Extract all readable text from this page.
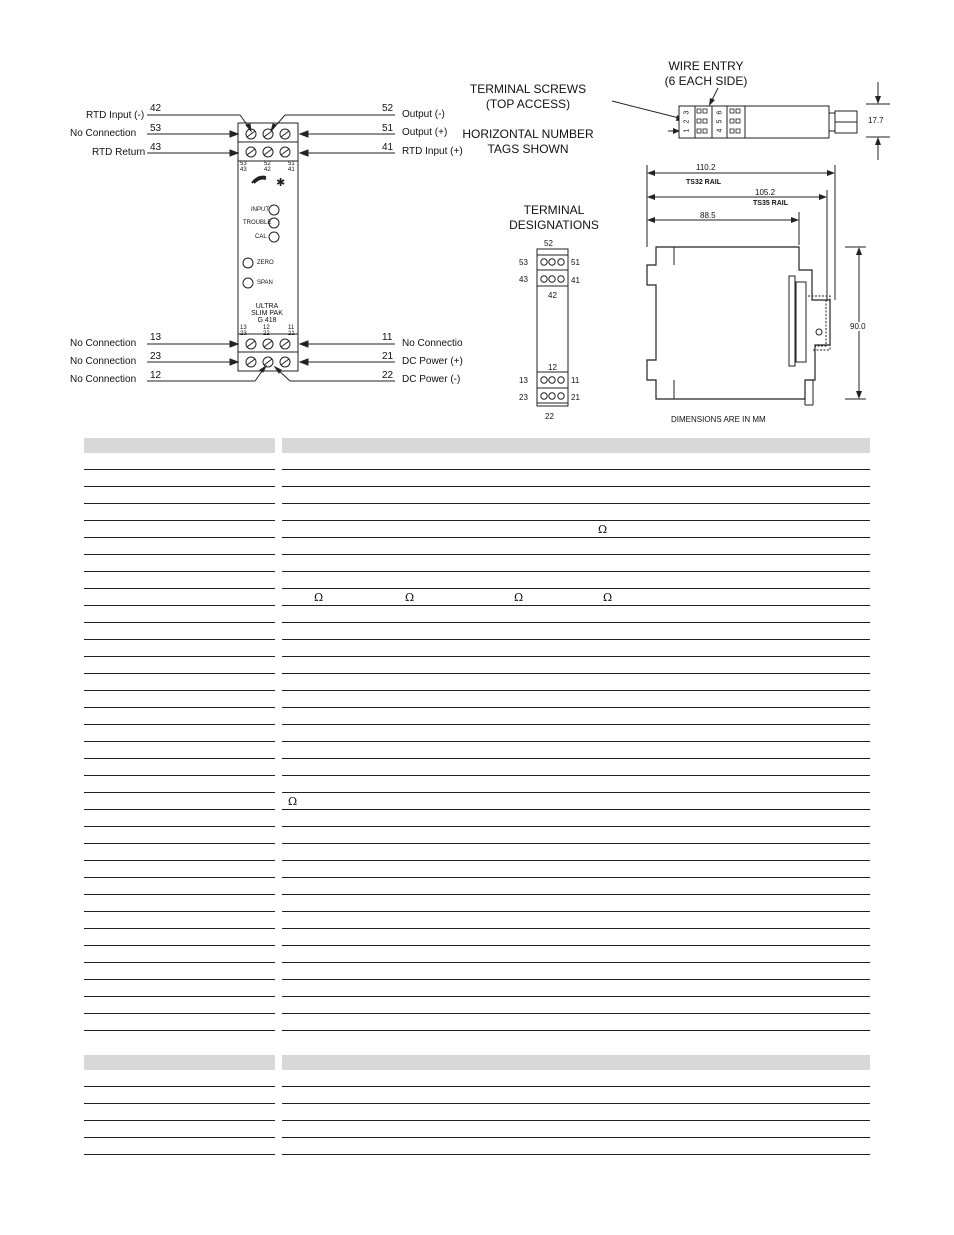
✱
RTD Input (-)
No Connection
RTD Return
No Connection
No Connection
No Connection
42
53
43
13
23
12
Output (-)
Output (+)
RTD Input (+)
No Connectio
DC Power (+)
DC Power (-)
52
51
41
11
21
22
53	52	51
43	42	41
13	12	11
23	22	21
INPUT
TROUBLE
CAL
ZERO
SPAN
ULTRA
SLIM PAK
G 418
TERMINAL SCREWS
(TOP ACCESS)
HORIZONTAL NUMBER
TAGS SHOWN
WIRE ENTRY
(6 EACH SIDE)
TERMINAL
DESIGNATIONS
52
53	51
43	41
42
12
13	11
23	21
22
3
2
1
6
5
4
17.7
110.2
TS32 RAIL
105.2
TS35 RAIL
88.5
90.0
DIMENSIONS ARE IN MM
Ω
Ω	Ω	Ω	Ω
Ω
